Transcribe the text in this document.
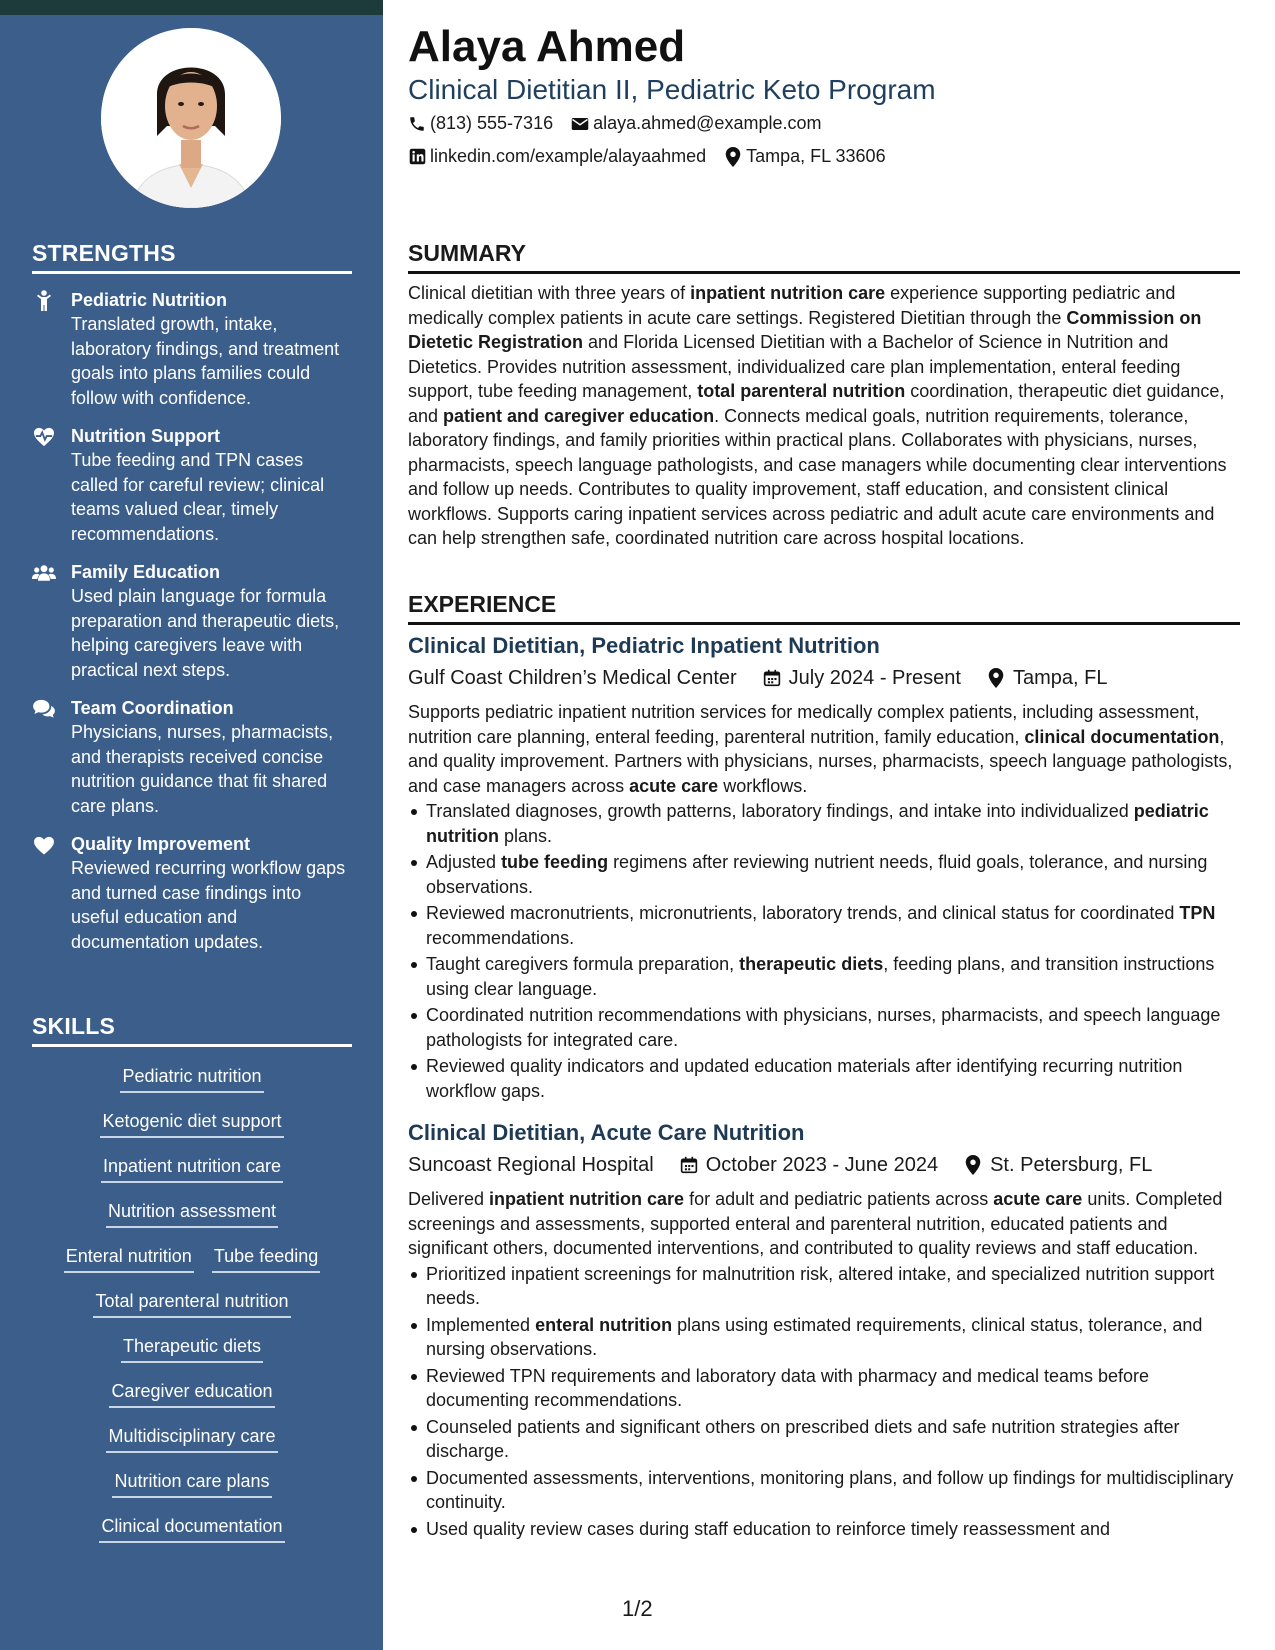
STRENGTHS
Pediatric Nutrition
Translated growth, intake, laboratory findings, and treatment goals into plans families could follow with confidence.
Nutrition Support
Tube feeding and TPN cases called for careful review; clinical teams valued clear, timely recommendations.
Family Education
Used plain language for formula preparation and therapeutic diets, helping caregivers leave with practical next steps.
Team Coordination
Physicians, nurses, pharmacists, and therapists received concise nutrition guidance that fit shared care plans.
Quality Improvement
Reviewed recurring workflow gaps and turned case findings into useful education and documentation updates.
SKILLS
Pediatric nutrition
Ketogenic diet support
Inpatient nutrition care
Nutrition assessment
Enteral nutrition Tube feeding
Total parenteral nutrition
Therapeutic diets
Caregiver education
Multidisciplinary care
Nutrition care plans
Clinical documentation
Alaya Ahmed
Clinical Dietitian II, Pediatric Keto Program
(813) 555-7316 alaya.ahmed@example.com
linkedin.com/example/alayaahmed Tampa, FL 33606
SUMMARY
Clinical dietitian with three years of inpatient nutrition care experience supporting pediatric and medically complex patients in acute care settings. Registered Dietitian through the Commission on Dietetic Registration and Florida Licensed Dietitian with a Bachelor of Science in Nutrition and Dietetics. Provides nutrition assessment, individualized care plan implementation, enteral feeding support, tube feeding management, total parenteral nutrition coordination, therapeutic diet guidance, and patient and caregiver education. Connects medical goals, nutrition requirements, tolerance, laboratory findings, and family priorities within practical plans. Collaborates with physicians, nurses, pharmacists, speech language pathologists, and case managers while documenting clear interventions and follow up needs. Contributes to quality improvement, staff education, and consistent clinical workflows. Supports caring inpatient services across pediatric and adult acute care environments and can help strengthen safe, coordinated nutrition care across hospital locations.
EXPERIENCE
Clinical Dietitian, Pediatric Inpatient Nutrition
Gulf Coast Children’s Medical Center	July 2024 - Present	Tampa, FL
Supports pediatric inpatient nutrition services for medically complex patients, including assessment, nutrition care planning, enteral feeding, parenteral nutrition, family education, clinical documentation, and quality improvement. Partners with physicians, nurses, pharmacists, speech language pathologists, and case managers across acute care workflows.
Translated diagnoses, growth patterns, laboratory findings, and intake into individualized pediatric nutrition plans.
Adjusted tube feeding regimens after reviewing nutrient needs, fluid goals, tolerance, and nursing observations.
Reviewed macronutrients, micronutrients, laboratory trends, and clinical status for coordinated TPN recommendations.
Taught caregivers formula preparation, therapeutic diets, feeding plans, and transition instructions using clear language.
Coordinated nutrition recommendations with physicians, nurses, pharmacists, and speech language pathologists for integrated care.
Reviewed quality indicators and updated education materials after identifying recurring nutrition workflow gaps.
Clinical Dietitian, Acute Care Nutrition
Suncoast Regional Hospital	October 2023 - June 2024	St. Petersburg, FL
Delivered inpatient nutrition care for adult and pediatric patients across acute care units. Completed screenings and assessments, supported enteral and parenteral nutrition, educated patients and significant others, documented interventions, and contributed to quality reviews and staff education.
Prioritized inpatient screenings for malnutrition risk, altered intake, and specialized nutrition support needs.
Implemented enteral nutrition plans using estimated requirements, clinical status, tolerance, and nursing observations.
Reviewed TPN requirements and laboratory data with pharmacy and medical teams before documenting recommendations.
Counseled patients and significant others on prescribed diets and safe nutrition strategies after discharge.
Documented assessments, interventions, monitoring plans, and follow up findings for multidisciplinary continuity.
Used quality review cases during staff education to reinforce timely reassessment and
1/2
